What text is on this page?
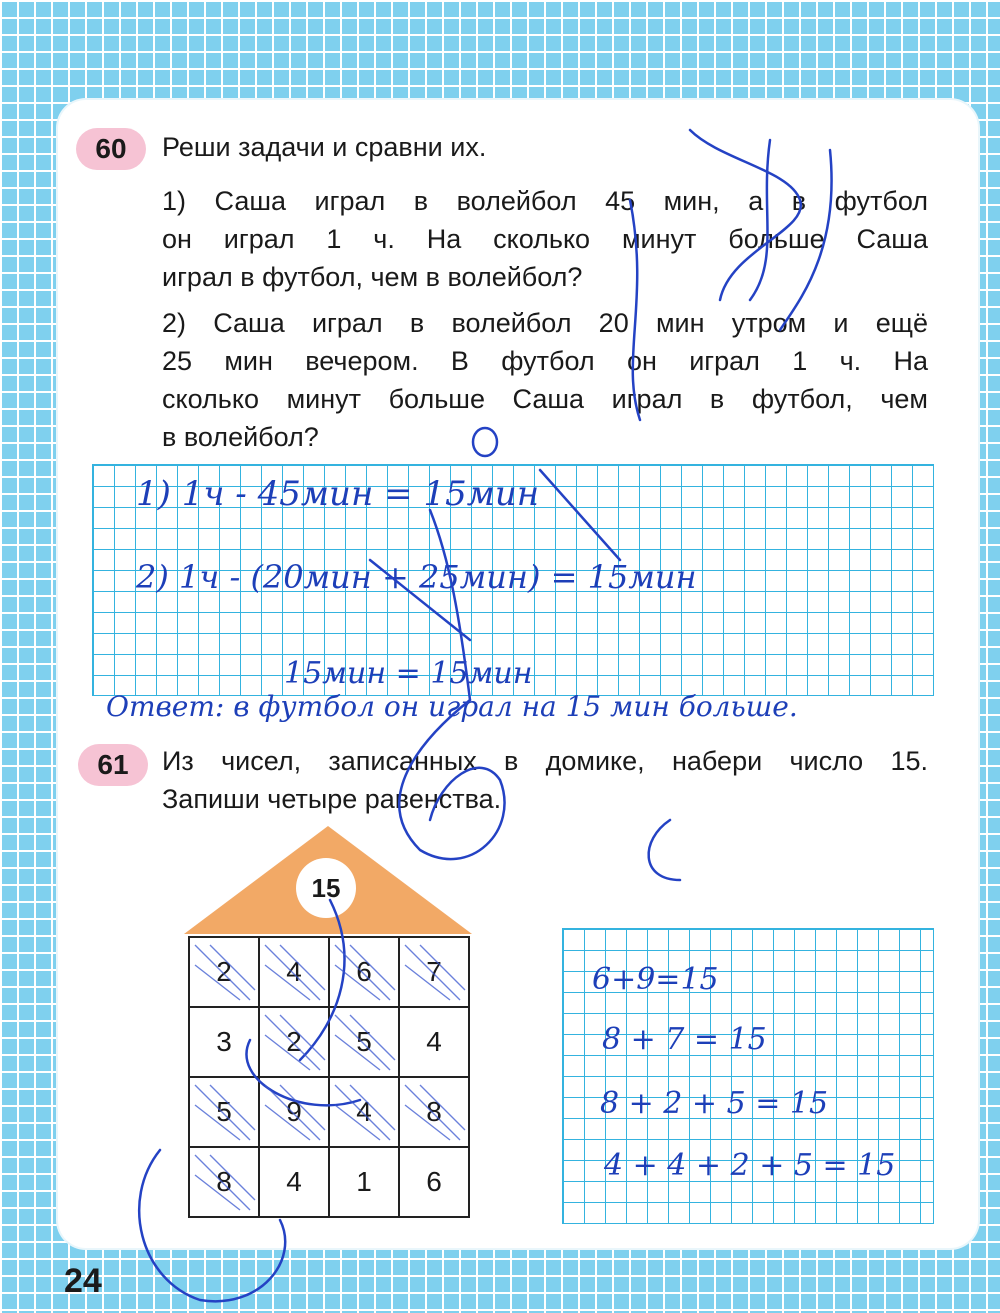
60	Реши задачи и сравни их.
1) Саша играл в волейбол 45 мин, а в футбол
он играл 1 ч. На сколько минут больше Саша
играл в футбол, чем в волейбол?
2) Саша играл в волейбол 20 мин утром и ещё
25 мин вечером. В футбол он играл 1 ч. На
сколько минут больше Саша играл в футбол, чем
в волейбол?
1) 1ч - 45мин = 15мин
2) 1ч - (20мин + 25мин) = 15мин
15мин = 15мин
Ответ: в футбол он играл на 15 мин больше.
61	Из чисел, записанных в домике, набери число 15.
Запиши четыре равенства.
15
2	4	6	7
3	2	5	4
5	9	4	8
8	4	1	6
6+9=15
8 + 7 = 15
8 + 2 + 5 = 15
4 + 4 + 2 + 5 = 15
24
